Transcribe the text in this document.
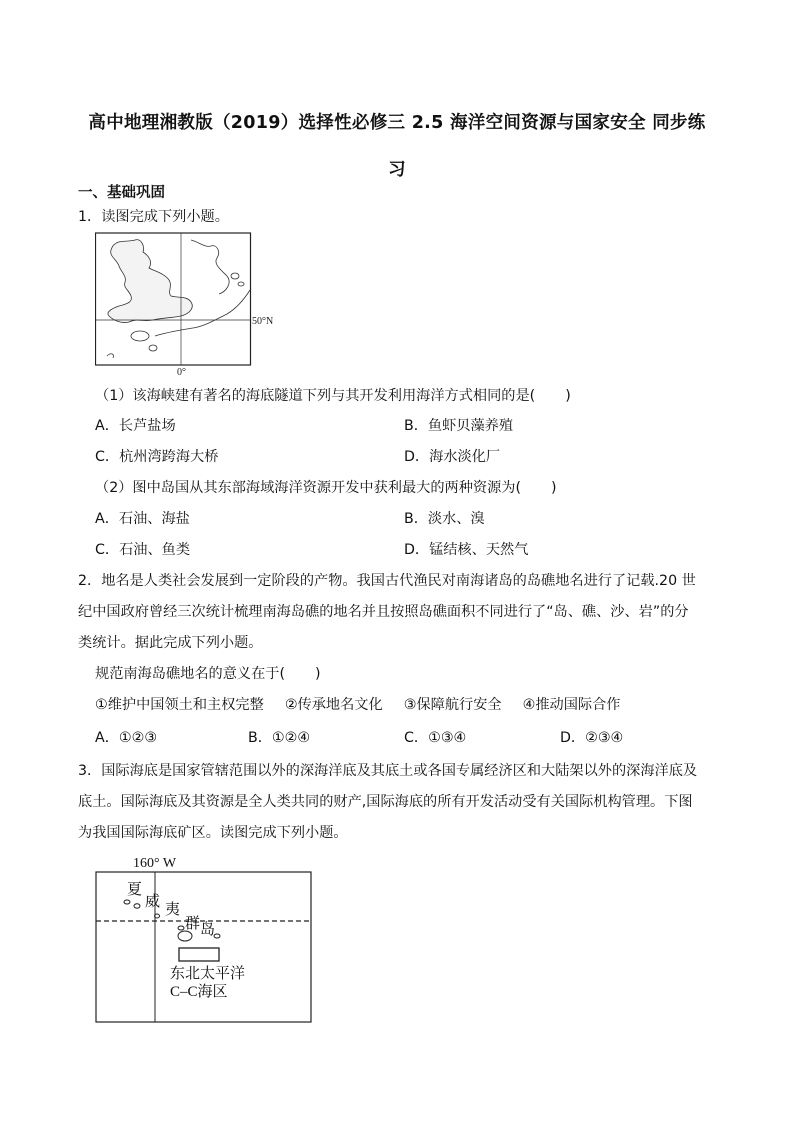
高中地理湘教版（2019）选择性必修三 2.5 海洋空间资源与国家安全 同步练
习
一、基础巩固
1．读图完成下列小题。
50°N
0°
（1）该海峡建有著名的海底隧道下列与其开发利用海洋方式相同的是( )
A．长芦盐场	B．鱼虾贝藻养殖
C．杭州湾跨海大桥	D．海水淡化厂
（2）图中岛国从其东部海域海洋资源开发中获利最大的两种资源为( )
A．石油、海盐	B．淡水、溴
C．石油、鱼类	D．锰结核、天然气
2．地名是人类社会发展到一定阶段的产物。我国古代渔民对南海诸岛的岛礁地名进行了记载.20 世
纪中国政府曾经三次统计梳理南海岛礁的地名并且按照岛礁面积不同进行了“岛、礁、沙、岩”的分
类统计。据此完成下列小题。
规范南海岛礁地名的意义在于( )
①维护中国领土和主权完整 ②传承地名文化 ③保障航行安全 ④推动国际合作
A．①②③	B．①②④	C．①③④	D．②③④
3．国际海底是国家管辖范围以外的深海洋底及其底土或各国专属经济区和大陆架以外的深海洋底及
底土。国际海底及其资源是全人类共同的财产,国际海底的所有开发活动受有关国际机构管理。下图
为我国国际海底矿区。读图完成下列小题。
160° W
夏
威 夷
群 岛
东北太平洋
C–C海区
